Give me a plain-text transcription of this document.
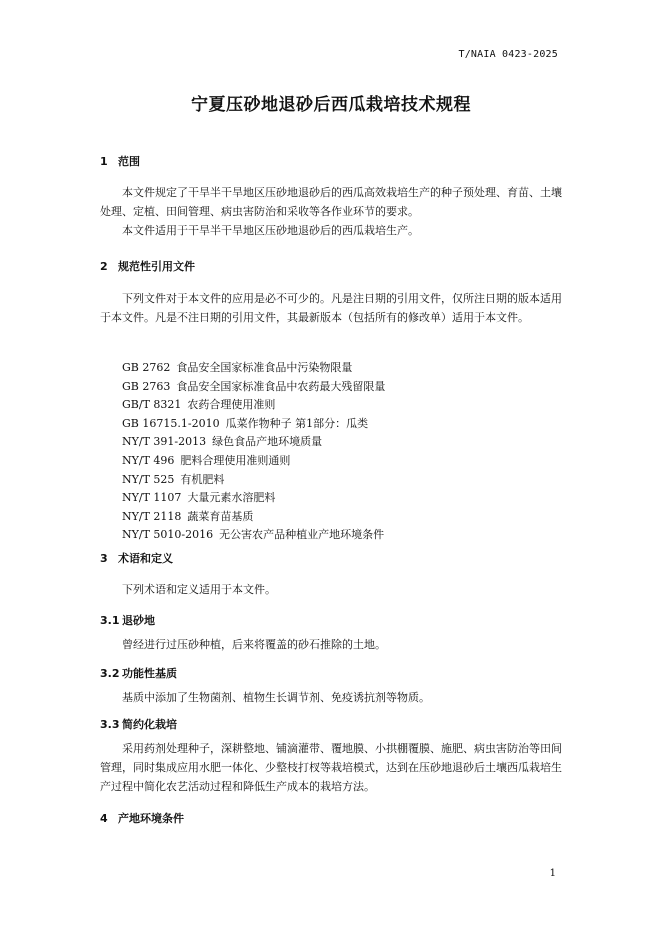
T/NAIA 0423-2025
宁夏压砂地退砂后西瓜栽培技术规程
1 范围
本文件规定了干旱半干旱地区压砂地退砂后的西瓜高效栽培生产的种子预处理、育苗、土壤处理、定植、田间管理、病虫害防治和采收等各作业环节的要求。
本文件适用于干旱半干旱地区压砂地退砂后的西瓜栽培生产。
2 规范性引用文件
下列文件对于本文件的应用是必不可少的。凡是注日期的引用文件，仅所注日期的版本适用于本文件。凡是不注日期的引用文件，其最新版本（包括所有的修改单）适用于本文件。
GB 2762 食品安全国家标准食品中污染物限量
GB 2763 食品安全国家标准食品中农药最大残留限量
GB/T 8321 农药合理使用准则
GB 16715.1-2010 瓜菜作物种子 第1部分：瓜类
NY/T 391-2013 绿色食品产地环境质量
NY/T 496 肥料合理使用准则通则
NY/T 525 有机肥料
NY/T 1107 大量元素水溶肥料
NY/T 2118 蔬菜育苗基质
NY/T 5010-2016 无公害农产品种植业产地环境条件
3 术语和定义
下列术语和定义适用于本文件。
3.1 退砂地
曾经进行过压砂种植，后来将覆盖的砂石推除的土地。
3.2 功能性基质
基质中添加了生物菌剂、植物生长调节剂、免疫诱抗剂等物质。
3.3 简约化栽培
采用药剂处理种子，深耕整地、铺滴灌带、覆地膜、小拱棚覆膜、施肥、病虫害防治等田间管理，同时集成应用水肥一体化、少整枝打杈等栽培模式，达到在压砂地退砂后土壤西瓜栽培生产过程中简化农艺活动过程和降低生产成本的栽培方法。
4 产地环境条件
1
